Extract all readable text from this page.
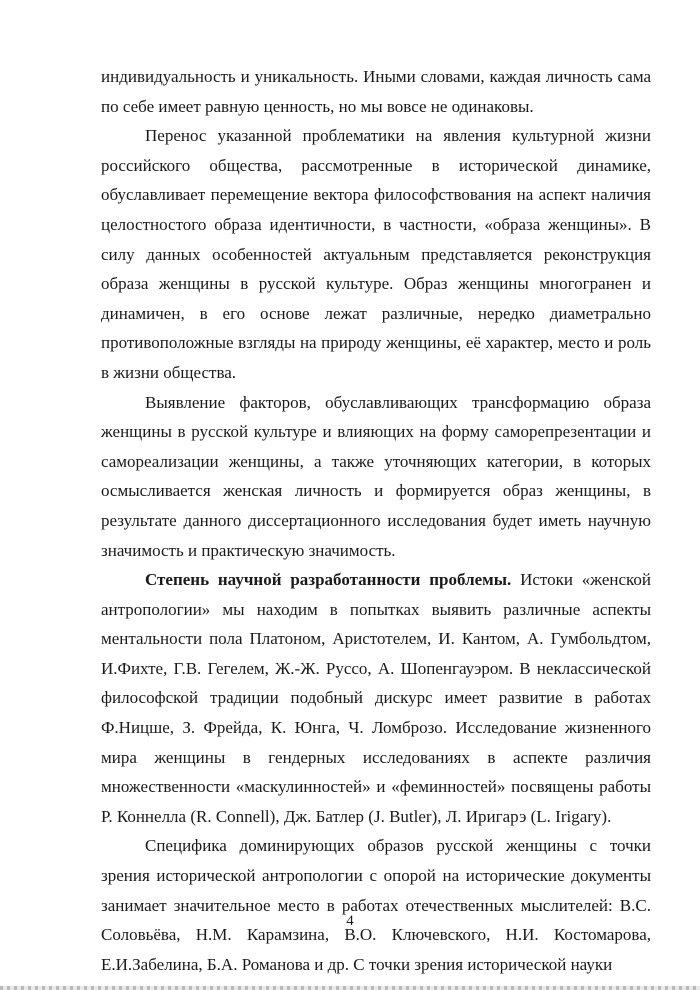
индивидуальность и уникальность. Иными словами, каждая личность сама по себе имеет равную ценность, но мы вовсе не одинаковы.

Перенос указанной проблематики на явления культурной жизни российского общества, рассмотренные в исторической динамике, обуславливает перемещение вектора философствования на аспект наличия целостностого образа идентичности, в частности, «образа женщины». В силу данных особенностей актуальным представляется реконструкция образа женщины в русской культуре. Образ женщины многогранен и динамичен, в его основе лежат различные, нередко диаметрально противоположные взгляды на природу женщины, её характер, место и роль в жизни общества.

Выявление факторов, обуславливающих трансформацию образа женщины в русской культуре и влияющих на форму саморепрезентации и самореализации женщины, а также уточняющих категории, в которых осмысливается женская личность и формируется образ женщины, в результате данного диссертационного исследования будет иметь научную значимость и практическую значимость.

Степень научной разработанности проблемы. Истоки «женской антропологии» мы находим в попытках выявить различные аспекты ментальности пола Платоном, Аристотелем, И. Кантом, А. Гумбольдтом, И.Фихте, Г.В. Гегелем, Ж.-Ж. Руссо, А. Шопенгауэром. В неклассической философской традиции подобный дискурс имеет развитие в работах Ф.Ницше, З. Фрейда, К. Юнга, Ч. Ломброзо. Исследование жизненного мира женщины в гендерных исследованиях в аспекте различия множественности «маскулинностей» и «феминностей» посвящены работы Р. Коннелла (R. Connell), Дж. Батлер (J. Butler), Л. Иригарэ (L. Irigary).

Специфика доминирующих образов русской женщины с точки зрения исторической антропологии с опорой на исторические документы занимает значительное место в работах отечественных мыслителей: В.С. Соловьёва, Н.М. Карамзина, В.О. Ключевского, Н.И. Костомарова, Е.И.Забелина, Б.А. Романова и др. С точки зрения исторической науки

4
